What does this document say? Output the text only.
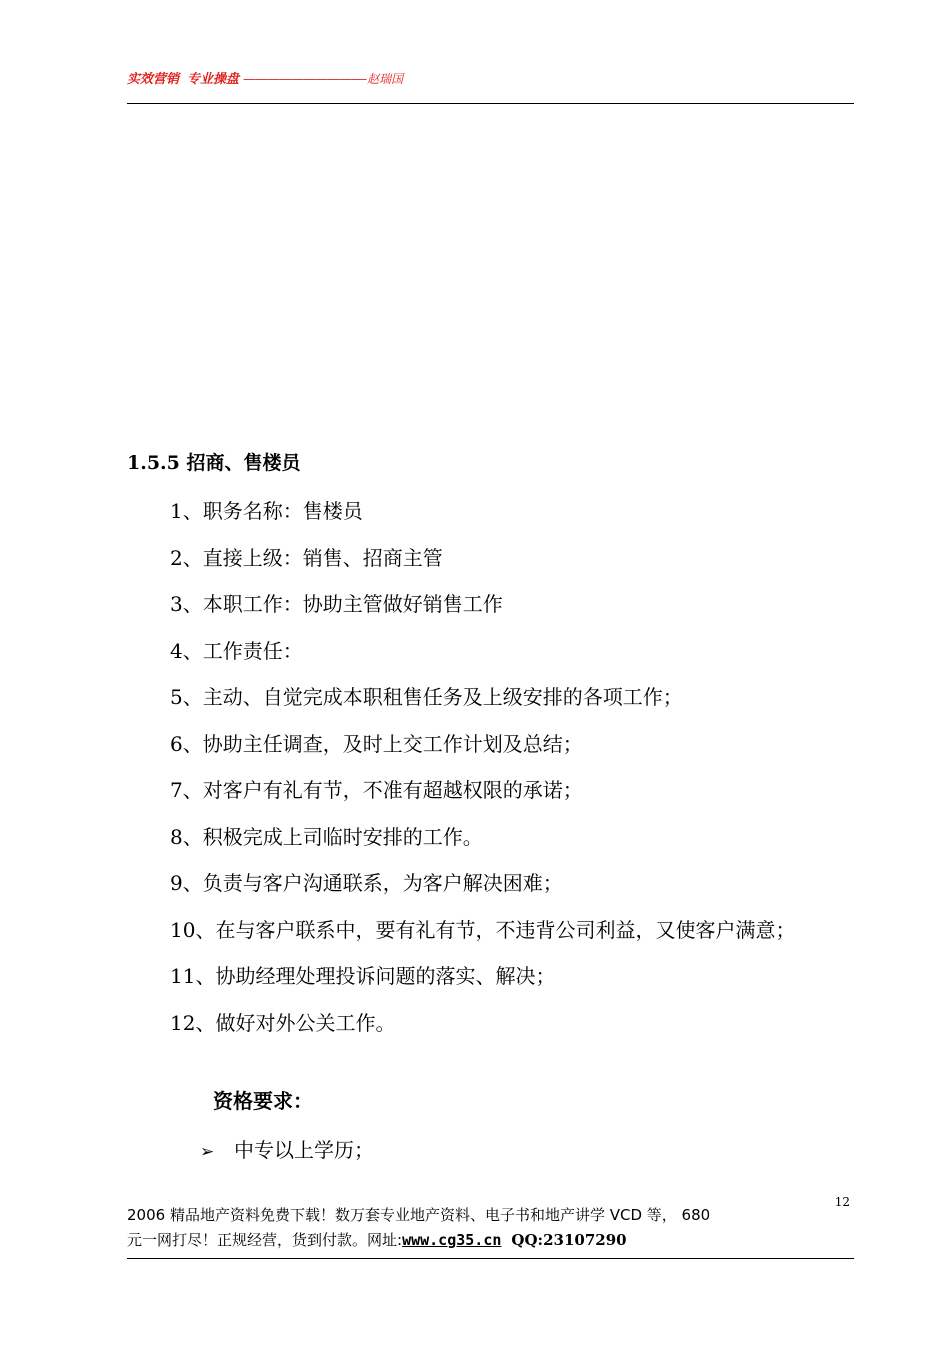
实效营销 专业操盘 ——————————-赵瑞国
1.5.5 招商、售楼员
1、职务名称：售楼员
2、直接上级：销售、招商主管
3、本职工作：协助主管做好销售工作
4、工作责任：
5、主动、自觉完成本职租售任务及上级安排的各项工作；
6、协助主任调查，及时上交工作计划及总结；
7、对客户有礼有节，不准有超越权限的承诺；
8、积极完成上司临时安排的工作。
9、负责与客户沟通联系，为客户解决困难；
10、在与客户联系中，要有礼有节，不违背公司利益，又使客户满意；
11、协助经理处理投诉问题的落实、解决；
12、做好对外公关工作。
资格要求：
➢ 中专以上学历；
12
2006 精品地产资料免费下载！数万套专业地产资料、电子书和地产讲学 VCD 等， 680
元一网打尽！正规经营，货到付款。网址:www.cg35.cn QQ:23107290
